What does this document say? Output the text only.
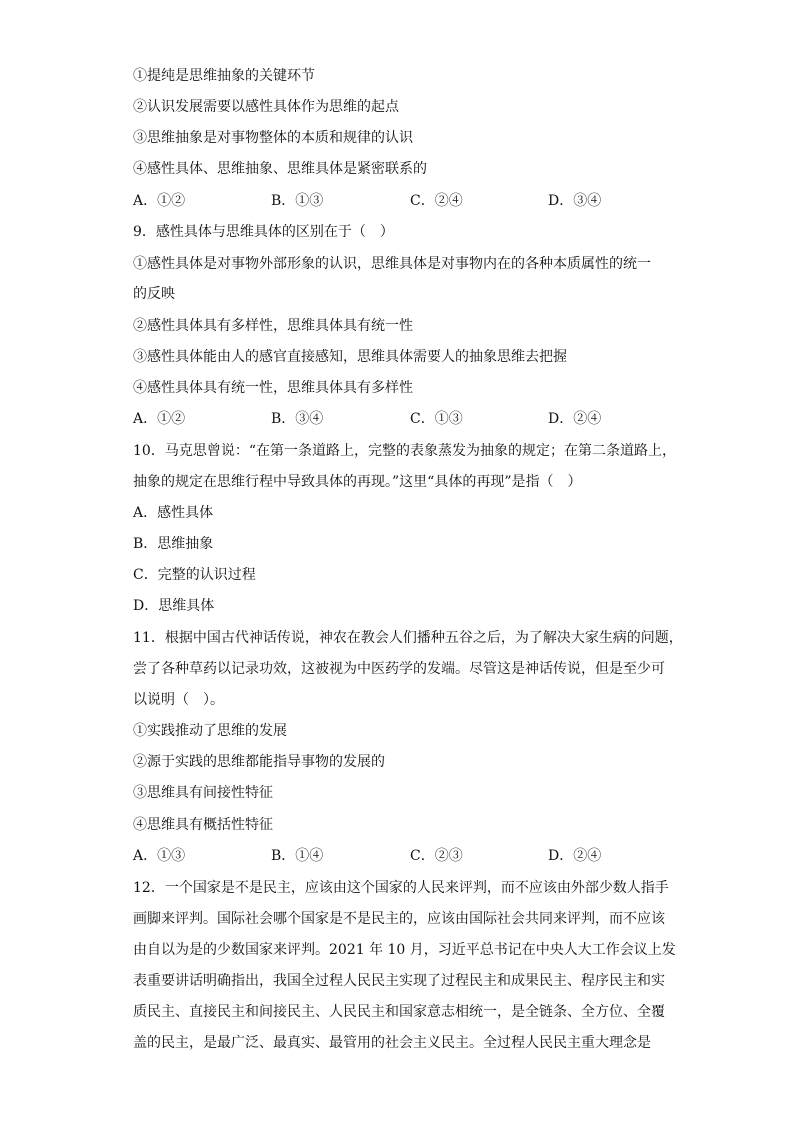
①提纯是思维抽象的关键环节
②认识发展需要以感性具体作为思维的起点
③思维抽象是对事物整体的本质和规律的认识
④感性具体、思维抽象、思维具体是紧密联系的
A．①②	B．①③	C．②④	D．③④
9．感性具体与思维具体的区别在于（　）
①感性具体是对事物外部形象的认识，思维具体是对事物内在的各种本质属性的统一
的反映
②感性具体具有多样性，思维具体具有统一性
③感性具体能由人的感官直接感知，思维具体需要人的抽象思维去把握
④感性具体具有统一性，思维具体具有多样性
A．①②	B．③④	C．①③	D．②④
10．马克思曾说：“在第一条道路上，完整的表象蒸发为抽象的规定；在第二条道路上，
抽象的规定在思维行程中导致具体的再现。”这里“具体的再现”是指（　）
A．感性具体
B．思维抽象
C．完整的认识过程
D．思维具体
11．根据中国古代神话传说，神农在教会人们播种五谷之后，为了解决大家生病的问题，
尝了各种草药以记录功效，这被视为中医药学的发端。尽管这是神话传说，但是至少可
以说明（　）。
①实践推动了思维的发展
②源于实践的思维都能指导事物的发展的
③思维具有间接性特征
④思维具有概括性特征
A．①③	B．①④	C．②③	D．②④
12．一个国家是不是民主，应该由这个国家的人民来评判，而不应该由外部少数人指手
画脚来评判。国际社会哪个国家是不是民主的，应该由国际社会共同来评判，而不应该
由自以为是的少数国家来评判。2021 年 10 月，习近平总书记在中央人大工作会议上发
表重要讲话明确指出，我国全过程人民民主实现了过程民主和成果民主、程序民主和实
质民主、直接民主和间接民主、人民民主和国家意志相统一，是全链条、全方位、全覆
盖的民主，是最广泛、最真实、最管用的社会主义民主。全过程人民民主重大理念是
